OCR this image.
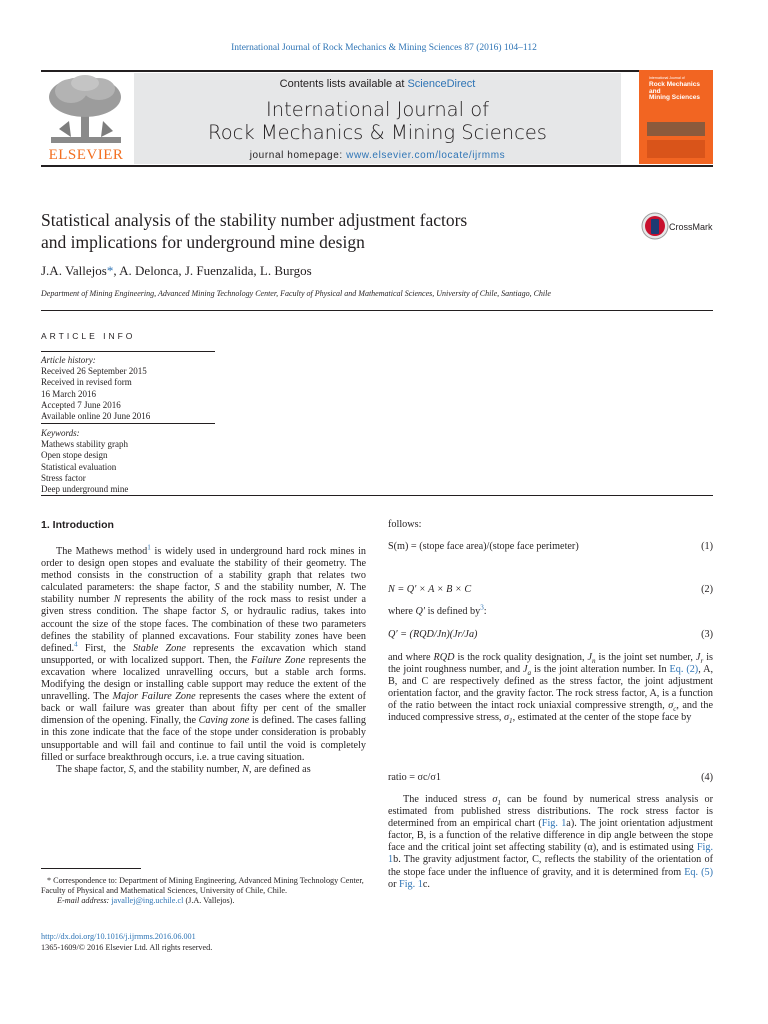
International Journal of Rock Mechanics & Mining Sciences 87 (2016) 104–112
ELSEVIER
Contents lists available at ScienceDirect
International Journal of
Rock Mechanics & Mining Sciences
journal homepage: www.elsevier.com/locate/ijrmms
International Journal of
Rock Mechanics
and
Mining Sciences
Statistical analysis of the stability number adjustment factors
and implications for underground mine design
CrossMark
J.A. Vallejos*, A. Delonca, J. Fuenzalida, L. Burgos
Department of Mining Engineering, Advanced Mining Technology Center, Faculty of Physical and Mathematical Sciences, University of Chile, Santiago, Chile
ARTICLE INFO
Article history:
Received 26 September 2015
Received in revised form
16 March 2016
Accepted 7 June 2016
Available online 20 June 2016
Keywords:
Mathews stability graph
Open stope design
Statistical evaluation
Stress factor
Deep underground mine
1. Introduction

The Mathews method$^1$ is widely used in underground hard rock mines in order to design open stopes and evaluate the stability of their geometry. The method consists in the construction of a stability graph that relates two calculated parameters: the shape factor, S and the stability number, N. The stability number N represents the ability of the rock mass to resist under a given stress condition. The shape factor S, or hydraulic radius, takes into account the size of the stope faces. The combination of these two parameters defines the stability of planned excavations. Four stability zones have been defined.$^4$ First, the Stable Zone represents the excavation which stand unsupported, or with localized support. Then, the Failure Zone represents the excavation where localized unravelling occurs, but a stable arch forms. Modifying the design or installing cable support may reduce the extent of the unravelling. The Major Failure Zone represents the cases where the extent of back or wall failure was greater than about fifty per cent of the smaller dimension of the opening. Finally, the Caving zone is defined. The cases falling in this zone indicate that the face of the stope under consideration is probably unsupportable and will fail and continue to fail until the void is completely filled or surface breakthrough occurs, i.e. a true caving situation.

The shape factor, S, and the stability number, N, are defined as

* Correspondence to: Department of Mining Engineering, Advanced Mining Technology Center, Faculty of Physical and Mathematical Sciences, University of Chile, Chile.
E-mail address: javallej@ing.uchile.cl (J.A. Vallejos).
http://dx.doi.org/10.1016/j.ijrmms.2016.06.001
1365-1609/© 2016 Elsevier Ltd. All rights reserved.
follows:
S(m) = (stope face area)/(stope face perimeter)	(1)
N = Q′ × A × B × C	(2)
where Q′ is defined $by^3$:
Q′ = (RQD/Jn)(Jr/Ja)	(3)
and where RQD is the rock quality designation, $J_n$ is the joint set number, $J_r$ is the joint roughness number, and $J_a$ is the joint alteration number. In Eq. (2), A, B, and C are respectively defined as the stress factor, the joint adjustment orientation factor, and the gravity factor. The rock stress factor, A, is a function of the ratio between the intact rock uniaxial compressive strength, $\sigma_c$, and the induced compressive stress, $\sigma_1$, estimated at the center of the stope face by
ratio = σc/σ1	(4)

The induced stress $\sigma_1$ can be found by numerical stress analysis or estimated from published stress distributions. The rock stress factor is determined from an empirical chart (Fig. 1a). The joint orientation adjustment factor, B, is a function of the relative difference in dip angle between the stope face and the critical joint set affecting stability (α), and is estimated using Fig. 1b. The gravity adjustment factor, C, reflects the stability of the orientation of the stope face under the influence of gravity, and it is determined from Eq. (5) or Fig. 1c.
